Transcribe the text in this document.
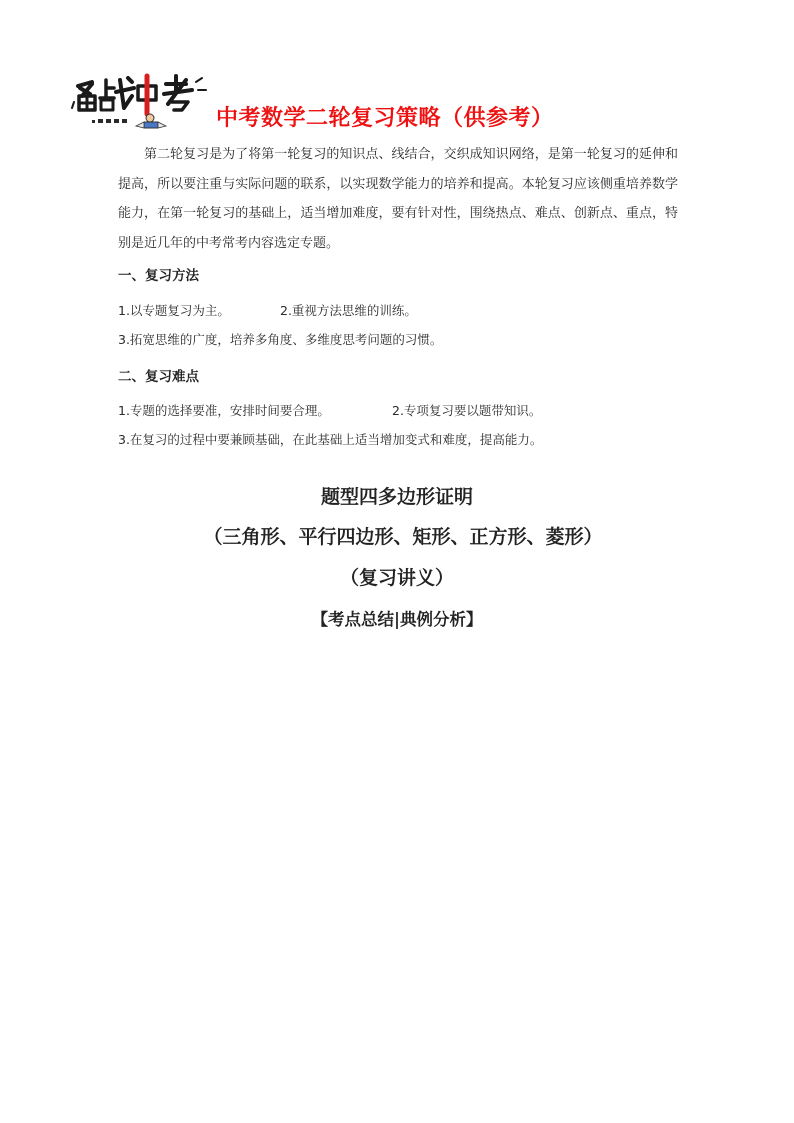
中考数学二轮复习策略（供参考）

第二轮复习是为了将第一轮复习的知识点、线结合，交织成知识网络，是第一轮复习的延伸和提高，所以要注重与实际问题的联系，以实现数学能力的培养和提高。本轮复习应该侧重培养数学能力，在第一轮复习的基础上，适当增加难度，要有针对性，围绕热点、难点、创新点、重点，特别是近几年的中考常考内容选定专题。

一、复习方法
1.以专题复习为主。	2.重视方法思维的训练。
3.拓宽思维的广度，培养多角度、多维度思考问题的习惯。
二、复习难点
1.专题的选择要准，安排时间要合理。	2.专项复习要以题带知识。
3.在复习的过程中要兼顾基础，在此基础上适当增加变式和难度，提高能力。
题型四多边形证明
（三角形、平行四边形、矩形、正方形、菱形）
（复习讲义）
【考点总结|典例分析】
